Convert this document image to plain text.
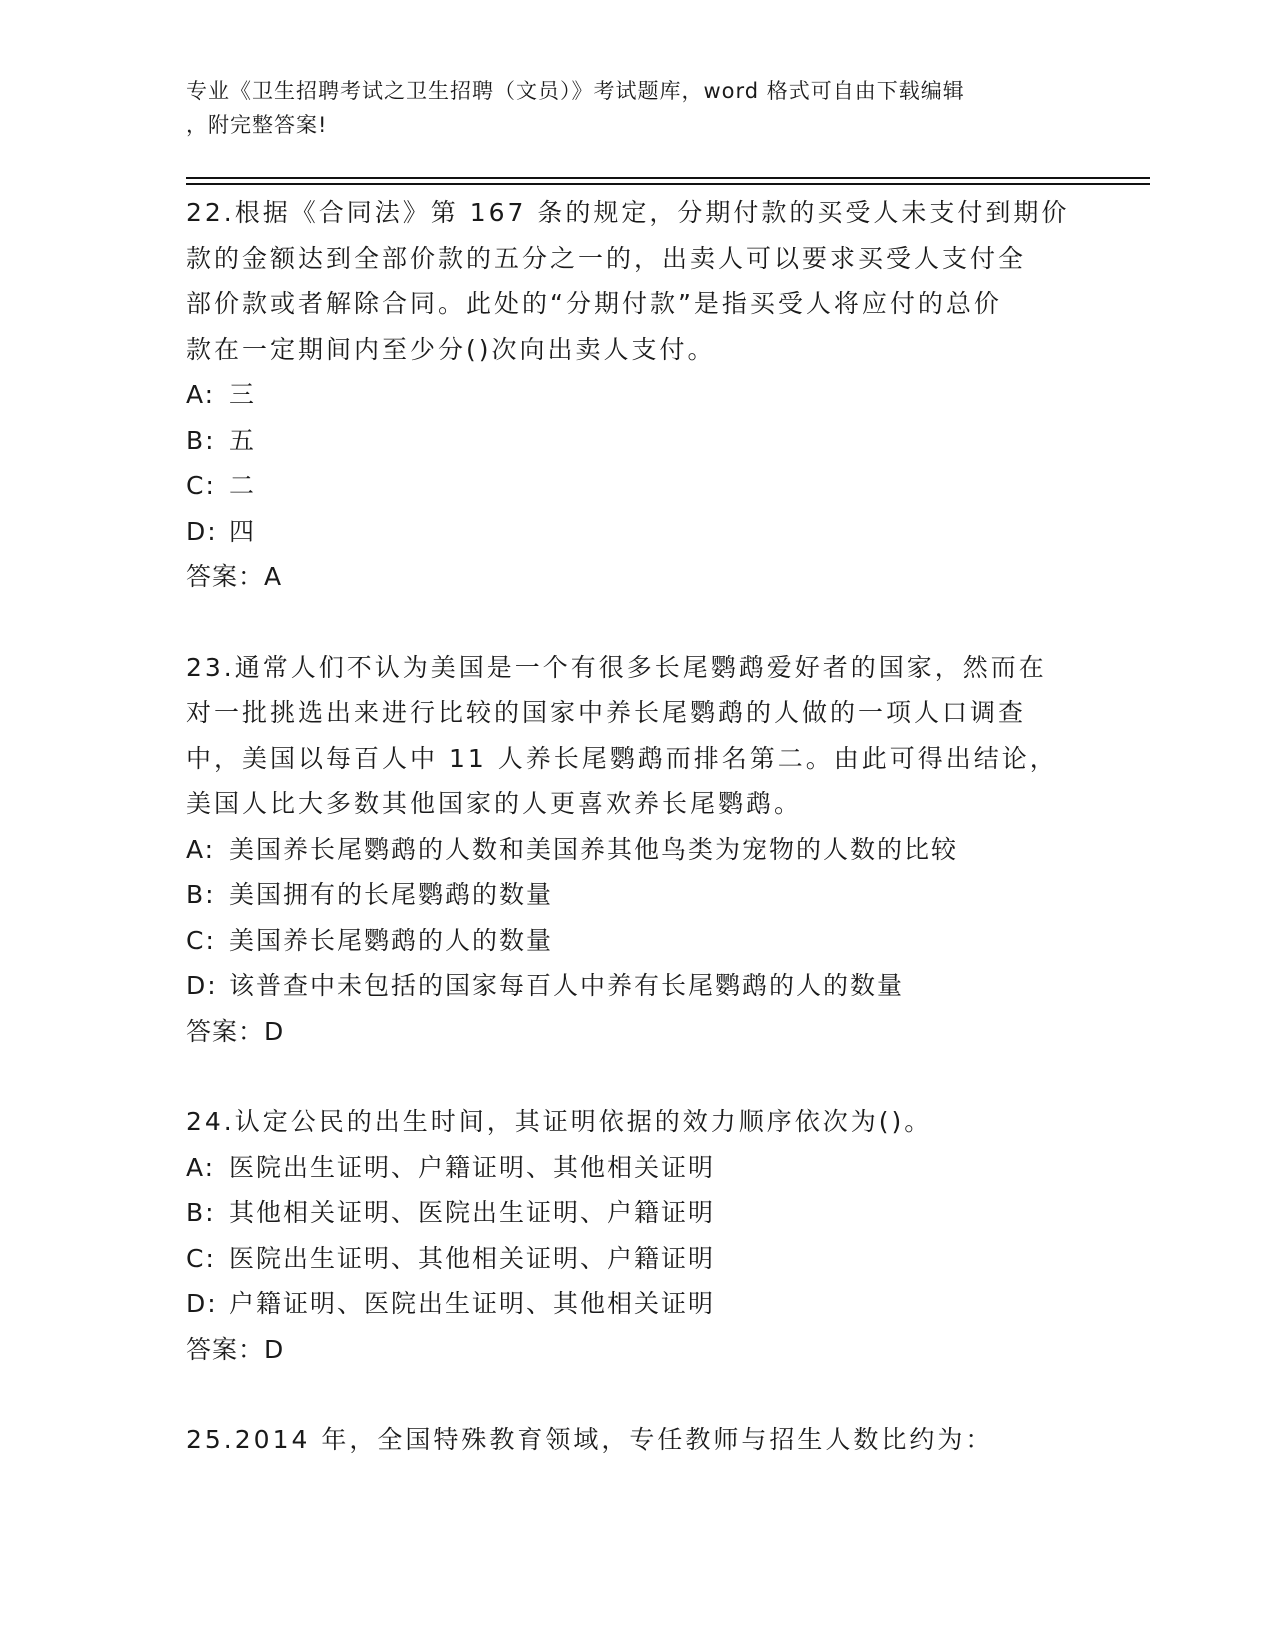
专业《卫生招聘考试之卫生招聘（文员）》考试题库，word 格式可自由下载编辑
，附完整答案!
22.根据《合同法》第 167 条的规定，分期付款的买受人未支付到期价
款的金额达到全部价款的五分之一的，出卖人可以要求买受人支付全
部价款或者解除合同。此处的“分期付款”是指买受人将应付的总价
款在一定期间内至少分()次向出卖人支付。
A: 三
B: 五
C: 二
D: 四
答案：A
23.通常人们不认为美国是一个有很多长尾鹦鹉爱好者的国家，然而在
对一批挑选出来进行比较的国家中养长尾鹦鹉的人做的一项人口调查
中，美国以每百人中 11 人养长尾鹦鹉而排名第二。由此可得出结论，
美国人比大多数其他国家的人更喜欢养长尾鹦鹉。
A: 美国养长尾鹦鹉的人数和美国养其他鸟类为宠物的人数的比较
B: 美国拥有的长尾鹦鹉的数量
C: 美国养长尾鹦鹉的人的数量
D: 该普查中未包括的国家每百人中养有长尾鹦鹉的人的数量
答案：D
24.认定公民的出生时间，其证明依据的效力顺序依次为()。
A: 医院出生证明、户籍证明、其他相关证明
B: 其他相关证明、医院出生证明、户籍证明
C: 医院出生证明、其他相关证明、户籍证明
D: 户籍证明、医院出生证明、其他相关证明
答案：D
25.2014 年，全国特殊教育领域，专任教师与招生人数比约为：
